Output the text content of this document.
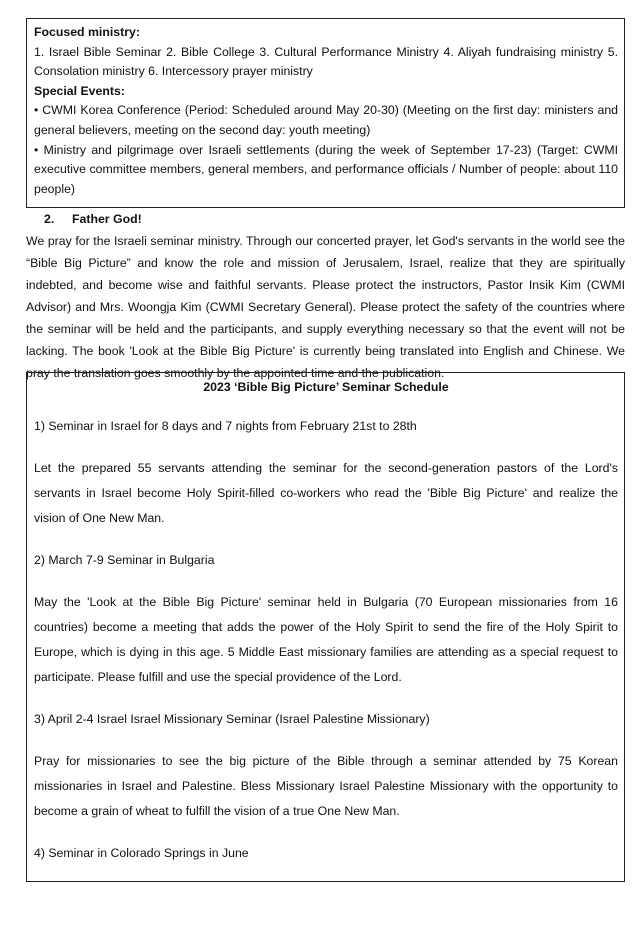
Focused ministry:

1. Israel Bible Seminar 2. Bible College 3. Cultural Performance Ministry 4. Aliyah fundraising ministry 5. Consolation ministry 6. Intercessory prayer ministry

Special Events:

• CWMI Korea Conference (Period: Scheduled around May 20-30) (Meeting on the first day: ministers and general believers, meeting on the second day: youth meeting)

• Ministry and pilgrimage over Israeli settlements (during the week of September 17-23) (Target: CWMI executive committee members, general members, and performance officials / Number of people: about 110 people)

2. Father God!

We pray for the Israeli seminar ministry. Through our concerted prayer, let God's servants in the world see the “Bible Big Picture” and know the role and mission of Jerusalem, Israel, realize that they are spiritually indebted, and become wise and faithful servants. Please protect the instructors, Pastor Insik Kim (CWMI Advisor) and Mrs. Woongja Kim (CWMI Secretary General). Please protect the safety of the countries where the seminar will be held and the participants, and supply everything necessary so that the event will not be lacking. The book 'Look at the Bible Big Picture' is currently being translated into English and Chinese. We pray the translation goes smoothly by the appointed time and the publication.

2023 ‘Bible Big Picture’ Seminar Schedule

1) Seminar in Israel for 8 days and 7 nights from February 21st to 28th

Let the prepared 55 servants attending the seminar for the second-generation pastors of the Lord's servants in Israel become Holy Spirit-filled co-workers who read the 'Bible Big Picture' and realize the vision of One New Man.

2) March 7-9 Seminar in Bulgaria

May the 'Look at the Bible Big Picture' seminar held in Bulgaria (70 European missionaries from 16 countries) become a meeting that adds the power of the Holy Spirit to send the fire of the Holy Spirit to Europe, which is dying in this age. 5 Middle East missionary families are attending as a special request to participate. Please fulfill and use the special providence of the Lord.

3) April 2-4 Israel Israel Missionary Seminar (Israel Palestine Missionary)

Pray for missionaries to see the big picture of the Bible through a seminar attended by 75 Korean missionaries in Israel and Palestine. Bless Missionary Israel Palestine Missionary with the opportunity to become a grain of wheat to fulfill the vision of a true One New Man.

4) Seminar in Colorado Springs in June
